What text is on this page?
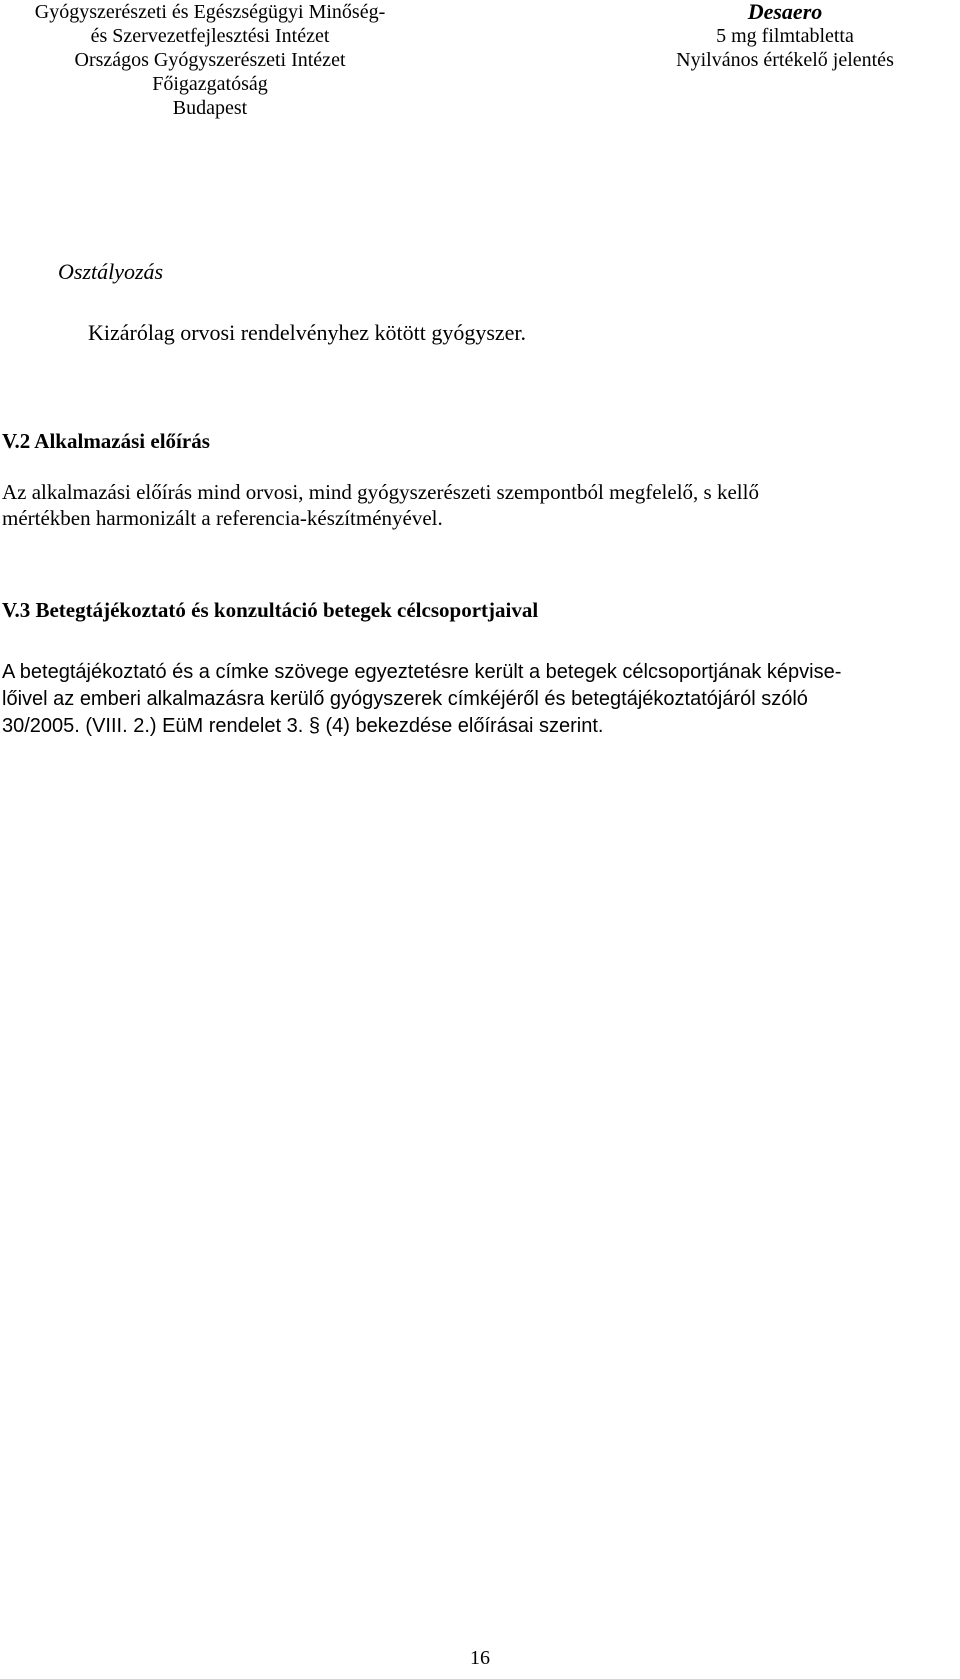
Gyógyszerészeti és Egészségügyi Minőség-
és Szervezetfejlesztési Intézet
Országos Gyógyszerészeti Intézet
Főigazgatóság
Budapest
Desaero
5 mg filmtabletta
Nyilvános értékelő jelentés
Osztályozás
Kizárólag orvosi rendelvényhez kötött gyógyszer.
V.2 Alkalmazási előírás
Az alkalmazási előírás mind orvosi, mind gyógyszerészeti szempontból megfelelő, s kellő
mértékben harmonizált a referencia-készítményével.
V.3 Betegtájékoztató és konzultáció betegek célcsoportjaival
A betegtájékoztató és a címke szövege egyeztetésre került a betegek célcsoportjának képvise-
lőivel az emberi alkalmazásra kerülő gyógyszerek címkéjéről és betegtájékoztatójáról szóló
30/2005. (VIII. 2.) EüM rendelet 3. § (4) bekezdése előírásai szerint.
16
